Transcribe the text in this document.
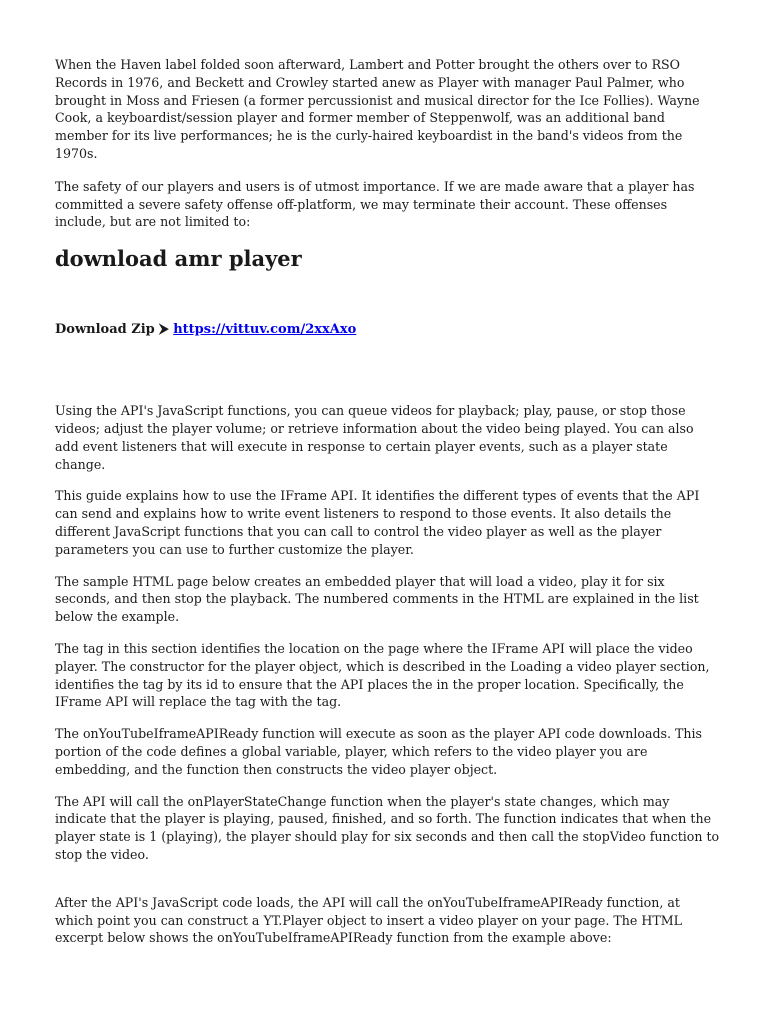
When the Haven label folded soon afterward, Lambert and Potter brought the others over to RSO Records in 1976, and Beckett and Crowley started anew as Player with manager Paul Palmer, who brought in Moss and Friesen (a former percussionist and musical director for the Ice Follies). Wayne Cook, a keyboardist/session player and former member of Steppenwolf, was an additional band member for its live performances; he is the curly-haired keyboardist in the band's videos from the 1970s.

The safety of our players and users is of utmost importance. If we are made aware that a player has committed a severe safety offense off-platform, we may terminate their account. These offenses include, but are not limited to:

download amr player
Download Zip ⮞ https://vittuv.com/2xxAxo

Using the API's JavaScript functions, you can queue videos for playback; play, pause, or stop those videos; adjust the player volume; or retrieve information about the video being played. You can also add event listeners that will execute in response to certain player events, such as a player state change.

This guide explains how to use the IFrame API. It identifies the different types of events that the API can send and explains how to write event listeners to respond to those events. It also details the different JavaScript functions that you can call to control the video player as well as the player parameters you can use to further customize the player.

The sample HTML page below creates an embedded player that will load a video, play it for six seconds, and then stop the playback. The numbered comments in the HTML are explained in the list below the example.

The tag in this section identifies the location on the page where the IFrame API will place the video player. The constructor for the player object, which is described in the Loading a video player section, identifies the tag by its id to ensure that the API places the in the proper location. Specifically, the IFrame API will replace the tag with the tag.

The onYouTubeIframeAPIReady function will execute as soon as the player API code downloads. This portion of the code defines a global variable, player, which refers to the video player you are embedding, and the function then constructs the video player object.

The API will call the onPlayerStateChange function when the player's state changes, which may indicate that the player is playing, paused, finished, and so forth. The function indicates that when the player state is 1 (playing), the player should play for six seconds and then call the stopVideo function to stop the video.

After the API's JavaScript code loads, the API will call the onYouTubeIframeAPIReady function, at which point you can construct a YT.Player object to insert a video player on your page. The HTML excerpt below shows the onYouTubeIframeAPIReady function from the example above:
